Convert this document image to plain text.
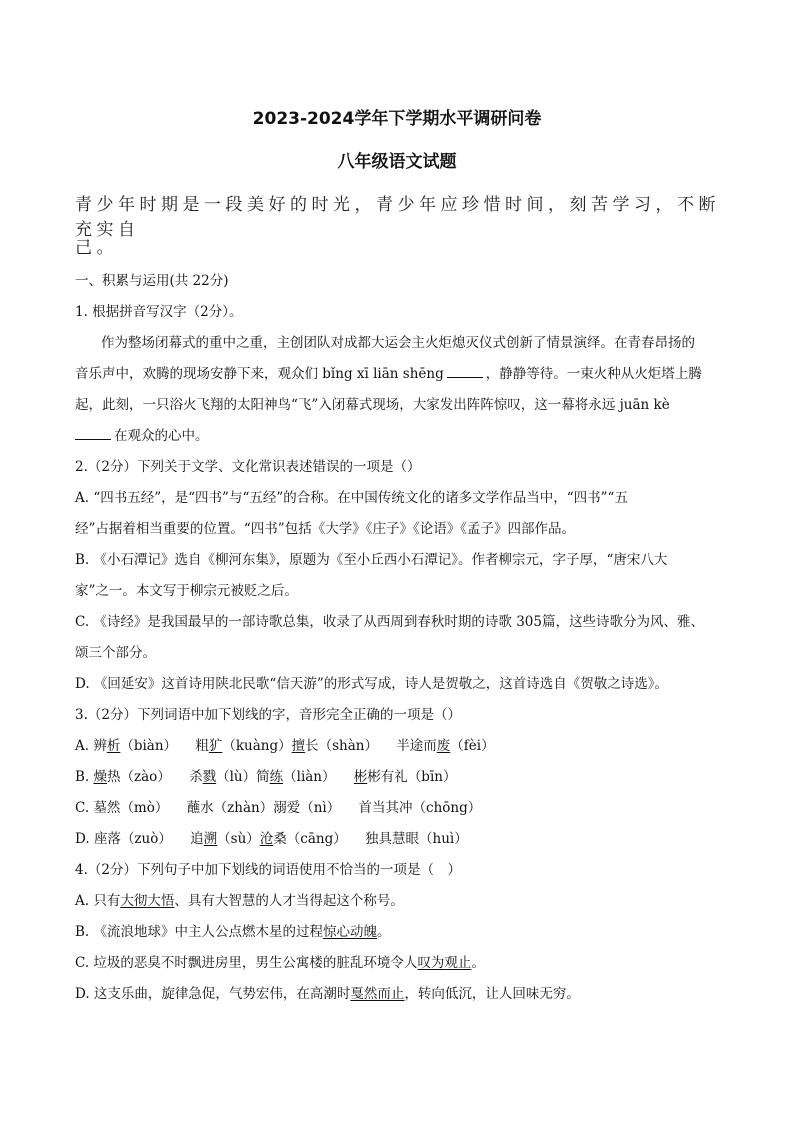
2023-2024学年下学期水平调研问卷
八年级语文试题
青少年时期是一段美好的时光，青少年应珍惜时间，刻苦学习，不断充实自
己。
一、积累与运用(共 22分)
1. 根据拼音写汉字（2分）。
作为整场闭幕式的重中之重，主创团队对成都大运会主火炬熄灭仪式创新了情景演绎。在青春昂扬的
音乐声中，欢腾的现场安静下来，观众们 bǐng xī liān shēng	，静静等待。一束火种从火炬塔上腾
起，此刻，一只浴火飞翔的太阳神鸟“飞”入闭幕式现场，大家发出阵阵惊叹，这一幕将永远 juān kè
在观众的心中。
2.（2分）下列关于文学、文化常识表述错误的一项是（）
A. “四书五经”，是“四书”与“五经”的合称。在中国传统文化的诸多文学作品当中，“四书”“五
经”占据着相当重要的位置。“四书”包括《大学》《庄子》《论语》《孟子》四部作品。
B. 《小石潭记》选自《柳河东集》，原题为《至小丘西小石潭记》。作者柳宗元，字子厚，“唐宋八大
家”之一。本文写于柳宗元被贬之后。
C. 《诗经》是我国最早的一部诗歌总集，收录了从西周到春秋时期的诗歌 305篇，这些诗歌分为风、雅、
颂三个部分。
D. 《回延安》这首诗用陕北民歌“信天游”的形式写成，诗人是贺敬之，这首诗选自《贺敬之诗选》。
3.（2分）下列词语中加下划线的字，音形完全正确的一项是（）
A. 辨析（biàn） 粗犷（kuàng）擅长（shàn） 半途而废（fèi）
B. 燥热（zào） 杀戮（lù）简练（liàn） 彬彬有礼（bīn）
C. 墓然（mò） 蘸水（zhàn）溺爱（nì） 首当其冲（chōng）
D. 座落（zuò） 追溯（sù）沧桑（cāng） 独具慧眼（huì）
4.（2分）下列句子中加下划线的词语使用不恰当的一项是（　）
A. 只有大彻大悟、具有大智慧的人才当得起这个称号。
B. 《流浪地球》中主人公点燃木星的过程惊心动魄。
C. 垃圾的恶臭不时飘进房里，男生公寓楼的脏乱环境令人叹为观止。
D. 这支乐曲，旋律急促，气势宏伟，在高潮时戛然而止，转向低沉，让人回味无穷。
